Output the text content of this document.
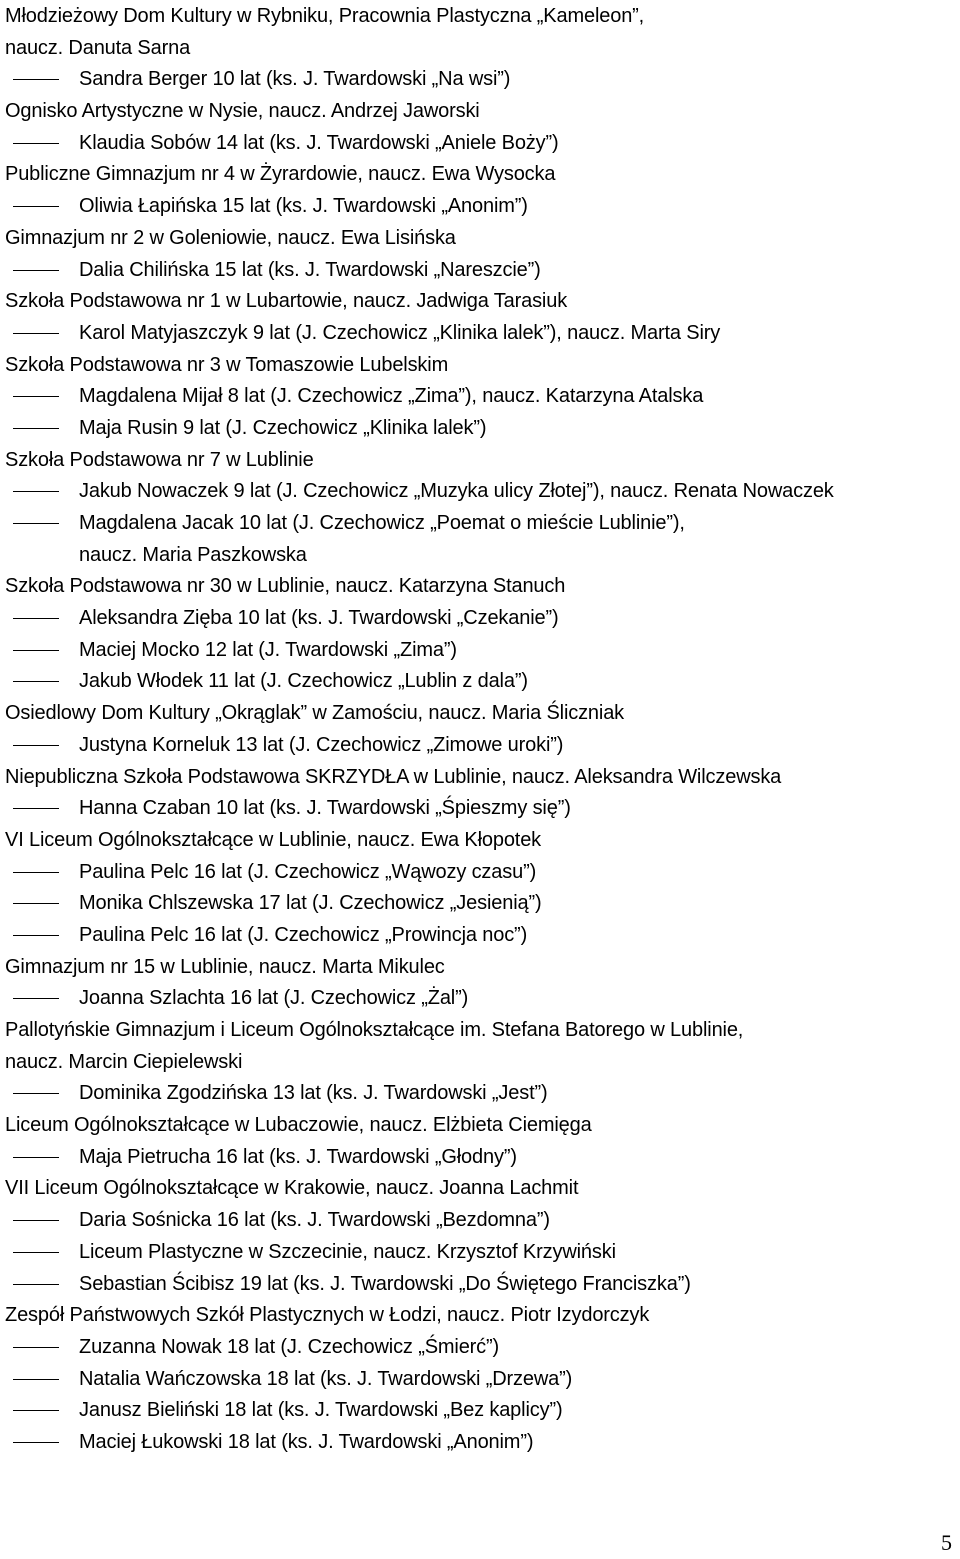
Młodzieżowy Dom Kultury w Rybniku, Pracownia Plastyczna „Kameleon”,
naucz. Danuta Sarna
Sandra Berger 10 lat (ks. J. Twardowski „Na wsi”)
Ognisko Artystyczne w Nysie, naucz. Andrzej Jaworski
Klaudia Sobów 14 lat (ks. J. Twardowski „Aniele Boży”)
Publiczne Gimnazjum nr 4 w Żyrardowie, naucz. Ewa Wysocka
Oliwia Łapińska 15 lat (ks. J. Twardowski „Anonim”)
Gimnazjum nr 2 w Goleniowie, naucz. Ewa Lisińska
Dalia Chilińska 15 lat (ks. J. Twardowski „Nareszcie”)
Szkoła Podstawowa nr 1 w Lubartowie, naucz. Jadwiga Tarasiuk
Karol Matyjaszczyk 9 lat (J. Czechowicz „Klinika lalek”), naucz. Marta Siry
Szkoła Podstawowa nr 3 w Tomaszowie Lubelskim
Magdalena Mijał 8 lat (J. Czechowicz „Zima”), naucz. Katarzyna Atalska
Maja Rusin 9 lat (J. Czechowicz „Klinika lalek”)
Szkoła Podstawowa nr 7 w Lublinie
Jakub Nowaczek 9 lat (J. Czechowicz „Muzyka ulicy Złotej”), naucz. Renata Nowaczek
Magdalena Jacak 10 lat (J. Czechowicz „Poemat o mieście Lublinie”),
naucz. Maria Paszkowska
Szkoła Podstawowa nr 30 w Lublinie, naucz. Katarzyna Stanuch
Aleksandra Zięba 10 lat (ks. J. Twardowski „Czekanie”)
Maciej Mocko 12 lat (J. Twardowski „Zima”)
Jakub Włodek 11 lat (J. Czechowicz „Lublin z dala”)
Osiedlowy Dom Kultury „Okrąglak” w Zamościu, naucz. Maria Śliczniak
Justyna Korneluk 13 lat (J. Czechowicz „Zimowe uroki”)
Niepubliczna Szkoła Podstawowa SKRZYDŁA w Lublinie, naucz. Aleksandra Wilczewska
Hanna Czaban 10 lat (ks. J. Twardowski „Śpieszmy się”)
VI Liceum Ogólnokształcące w Lublinie, naucz. Ewa Kłopotek
Paulina Pelc 16 lat (J. Czechowicz „Wąwozy czasu”)
Monika Chlszewska 17 lat (J. Czechowicz „Jesienią”)
Paulina Pelc 16 lat (J. Czechowicz „Prowincja noc”)
Gimnazjum nr 15 w Lublinie, naucz. Marta Mikulec
Joanna Szlachta 16 lat (J. Czechowicz „Żal”)
Pallotyńskie Gimnazjum i Liceum Ogólnokształcące im. Stefana Batorego w Lublinie,
naucz. Marcin Ciepielewski
Dominika Zgodzińska 13 lat (ks. J. Twardowski „Jest”)
Liceum Ogólnokształcące w Lubaczowie, naucz. Elżbieta Ciemięga
Maja Pietrucha 16 lat (ks. J. Twardowski „Głodny”)
VII Liceum Ogólnokształcące w Krakowie, naucz. Joanna Lachmit
Daria Sośnicka 16 lat (ks. J. Twardowski „Bezdomna”)
Liceum Plastyczne w Szczecinie, naucz. Krzysztof Krzywiński
Sebastian Ścibisz 19 lat (ks. J. Twardowski „Do Świętego Franciszka”)
Zespół Państwowych Szkół Plastycznych w Łodzi, naucz. Piotr Izydorczyk
Zuzanna Nowak 18 lat (J. Czechowicz „Śmierć”)
Natalia Wańczowska 18 lat (ks. J. Twardowski „Drzewa”)
Janusz Bieliński 18 lat (ks. J. Twardowski „Bez kaplicy”)
Maciej Łukowski 18 lat (ks. J. Twardowski „Anonim”)
5
